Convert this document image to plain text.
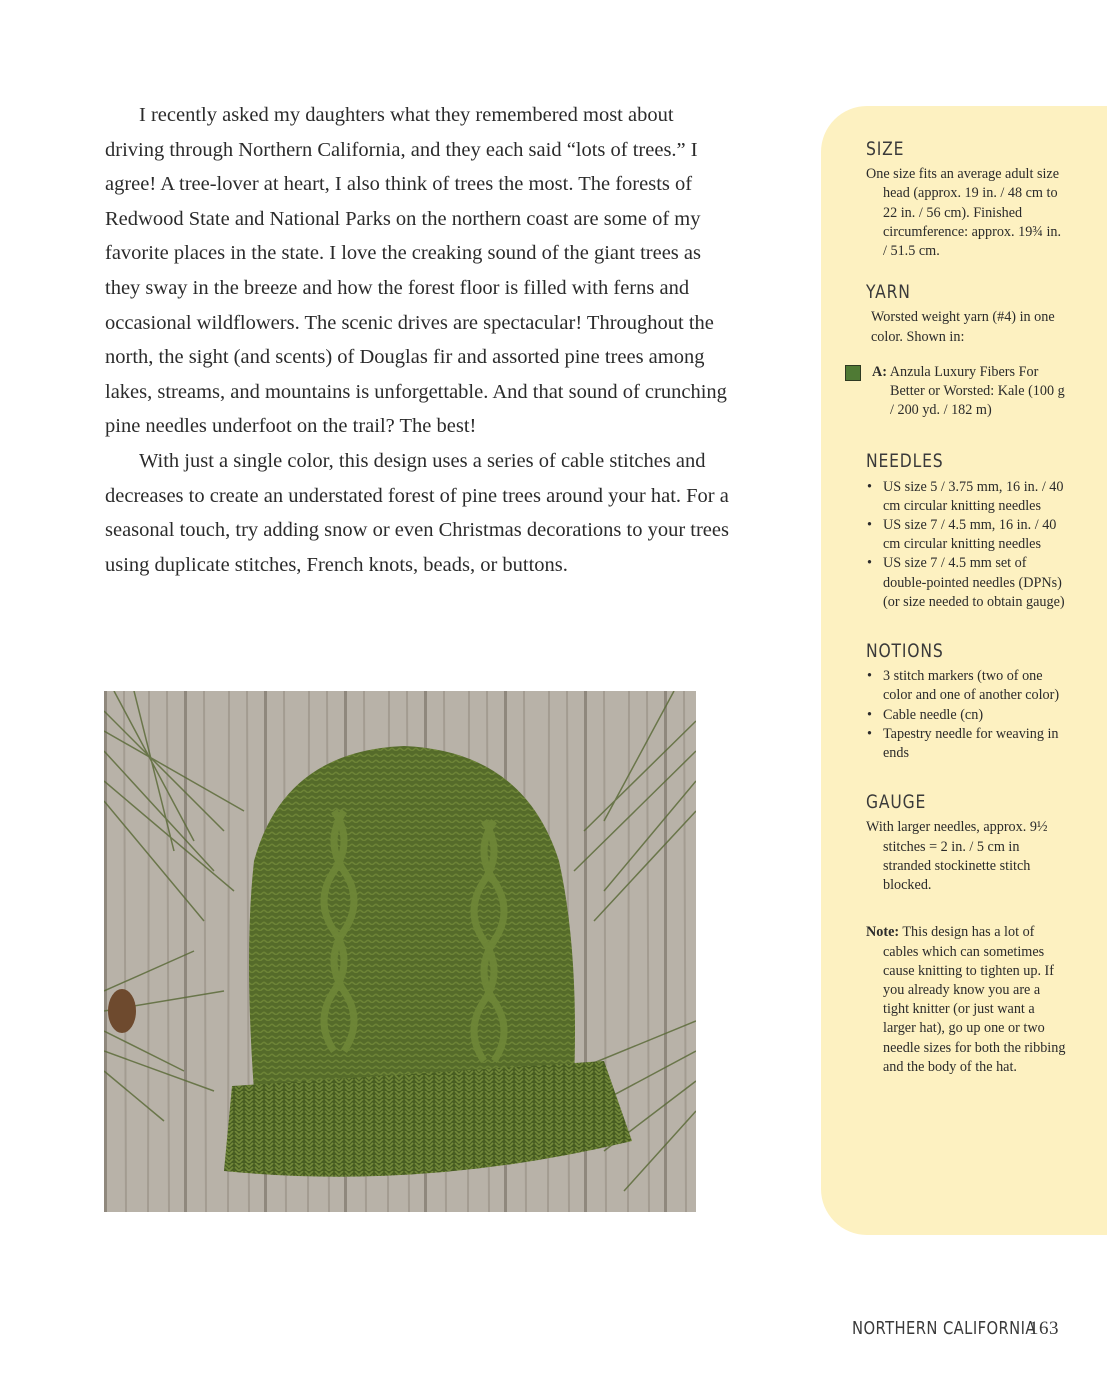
I recently asked my daughters what they remembered most about driving through Northern California, and they each said “lots of trees.” I agree! A tree-lover at heart, I also think of trees the most. The forests of Redwood State and National Parks on the northern coast are some of my favorite places in the state. I love the creaking sound of the giant trees as they sway in the breeze and how the forest floor is filled with ferns and occasional wildflowers. The scenic drives are spectacular! Throughout the north, the sight (and scents) of Douglas fir and assorted pine trees among lakes, streams, and mountains is unforgettable. And that sound of crunching pine needles underfoot on the trail? The best!

With just a single color, this design uses a series of cable stitches and decreases to create an understated forest of pine trees around your hat. For a seasonal touch, try adding snow or even Christmas decorations to your trees using duplicate stitches, French knots, beads, or buttons.

SIZE

One size fits an average adult size head (approx. 19 in. / 48 cm to 22 in. / 56 cm). Finished circumference: approx. 19¾ in. / 51.5 cm.

YARN

Worsted weight yarn (#4) in one color. Shown in:

A: Anzula Luxury Fibers For Better or Worsted: Kale (100 g / 200 yd. / 182 m)

NEEDLES
• US size 5 / 3.75 mm, 16 in. / 40 cm circular knitting needles
• US size 7 / 4.5 mm, 16 in. / 40 cm circular knitting needles
• US size 7 / 4.5 mm set of double-pointed needles (DPNs) (or size needed to obtain gauge)
NOTIONS
• 3 stitch markers (two of one color and one of another color)
• Cable needle (cn)
• Tapestry needle for weaving in ends
GAUGE

With larger needles, approx. 9½ stitches = 2 in. / 5 cm in stranded stockinette stitch blocked.

Note: This design has a lot of cables which can sometimes cause knitting to tighten up. If you already know you are a tight knitter (or just want a larger hat), go up one or two needle sizes for both the ribbing and the body of the hat.

NORTHERN CALIFORNIA
163
